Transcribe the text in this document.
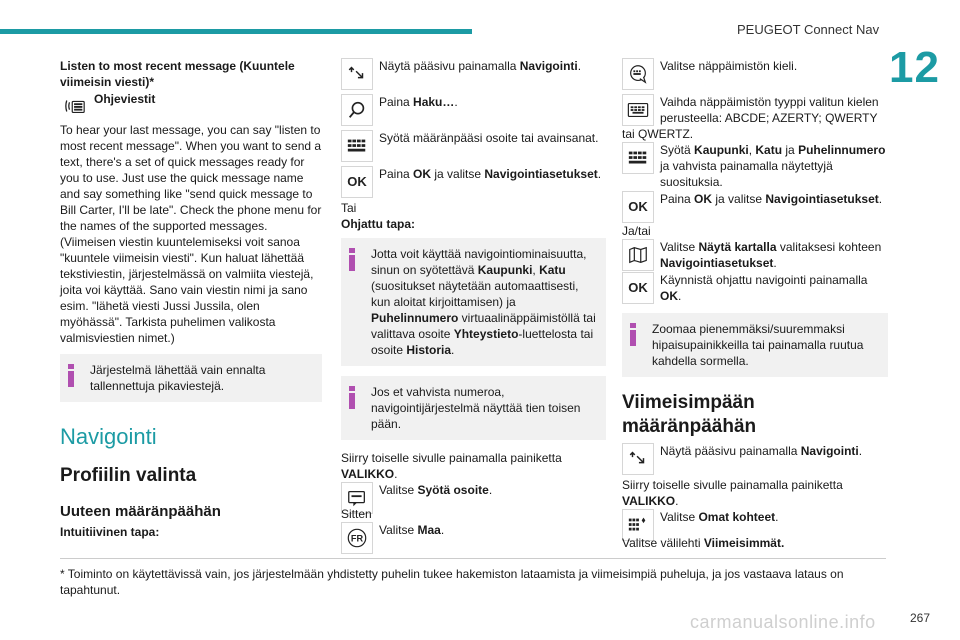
PEUGEOT Connect Nav
12
Listen to most recent message (Kuuntele viimeisin viesti)*
Ohjeviestit
To hear your last message, you can say "listen to most recent message". When you want to send a text, there's a set of quick messages ready for you to use. Just use the quick message name and say something like "send quick message to Bill Carter, I'll be late". Check the phone menu for the names of the supported messages. (Viimeisen viestin kuuntelemiseksi voit sanoa "kuuntele viimeisin viesti". Kun haluat lähettää tekstiviestin, järjestelmässä on valmiita viestejä, joita voi käyttää. Sano vain viestin nimi ja sano esim. "lähetä viesti Jussi Jussila, olen myöhässä". Tarkista puhelimen valikosta valmisviestien nimet.)
Järjestelmä lähettää vain ennalta tallennettuja pikaviestejä.
Navigointi
Profiilin valinta
Uuteen määränpäähän
Intuitiivinen tapa:
Näytä pääsivu painamalla Navigointi.
Paina Haku….
Syötä määränpääsi osoite tai avainsanat.
OK	Paina OK ja valitse Navigointiasetukset.
Tai
Ohjattu tapa:
Jotta voit käyttää navigointiominaisuutta, sinun on syötettävä Kaupunki, Katu (suositukset näytetään automaattisesti, kun aloitat kirjoittamisen) ja Puhelinnumero virtuaalinäppäimistöllä tai valittava osoite Yhteystieto-luettelosta tai osoite Historia.
Jos et vahvista numeroa, navigointijärjestelmä näyttää tien toisen pään.
Siirry toiselle sivulle painamalla painiketta VALIKKO.
Valitse Syötä osoite.
Sitten
FR
Valitse Maa.
Valitse näppäimistön kieli.
Vaihda näppäimistön tyyppi valitun kielen perusteella: ABCDE; AZERTY; QWERTY tai QWERTZ.
Syötä Kaupunki, Katu ja Puhelinnumero ja vahvista painamalla näytettyjä suosituksia.
OK	Paina OK ja valitse Navigointiasetukset.
Ja/tai
Valitse Näytä kartalla valitaksesi kohteen Navigointiasetukset.
OK	Käynnistä ohjattu navigointi painamalla OK.
Zoomaa pienemmäksi/suuremmaksi hipaisupainikkeilla tai painamalla ruutua kahdella sormella.
Viimeisimpään määränpäähän
Näytä pääsivu painamalla Navigointi.
Siirry toiselle sivulle painamalla painiketta VALIKKO.
Valitse Omat kohteet.
Valitse välilehti Viimeisimmät.
* Toiminto on käytettävissä vain, jos järjestelmään yhdistetty puhelin tukee hakemiston lataamista ja viimeisimpiä puheluja, ja jos vastaava lataus on tapahtunut.
carmanualsonline.info	267
